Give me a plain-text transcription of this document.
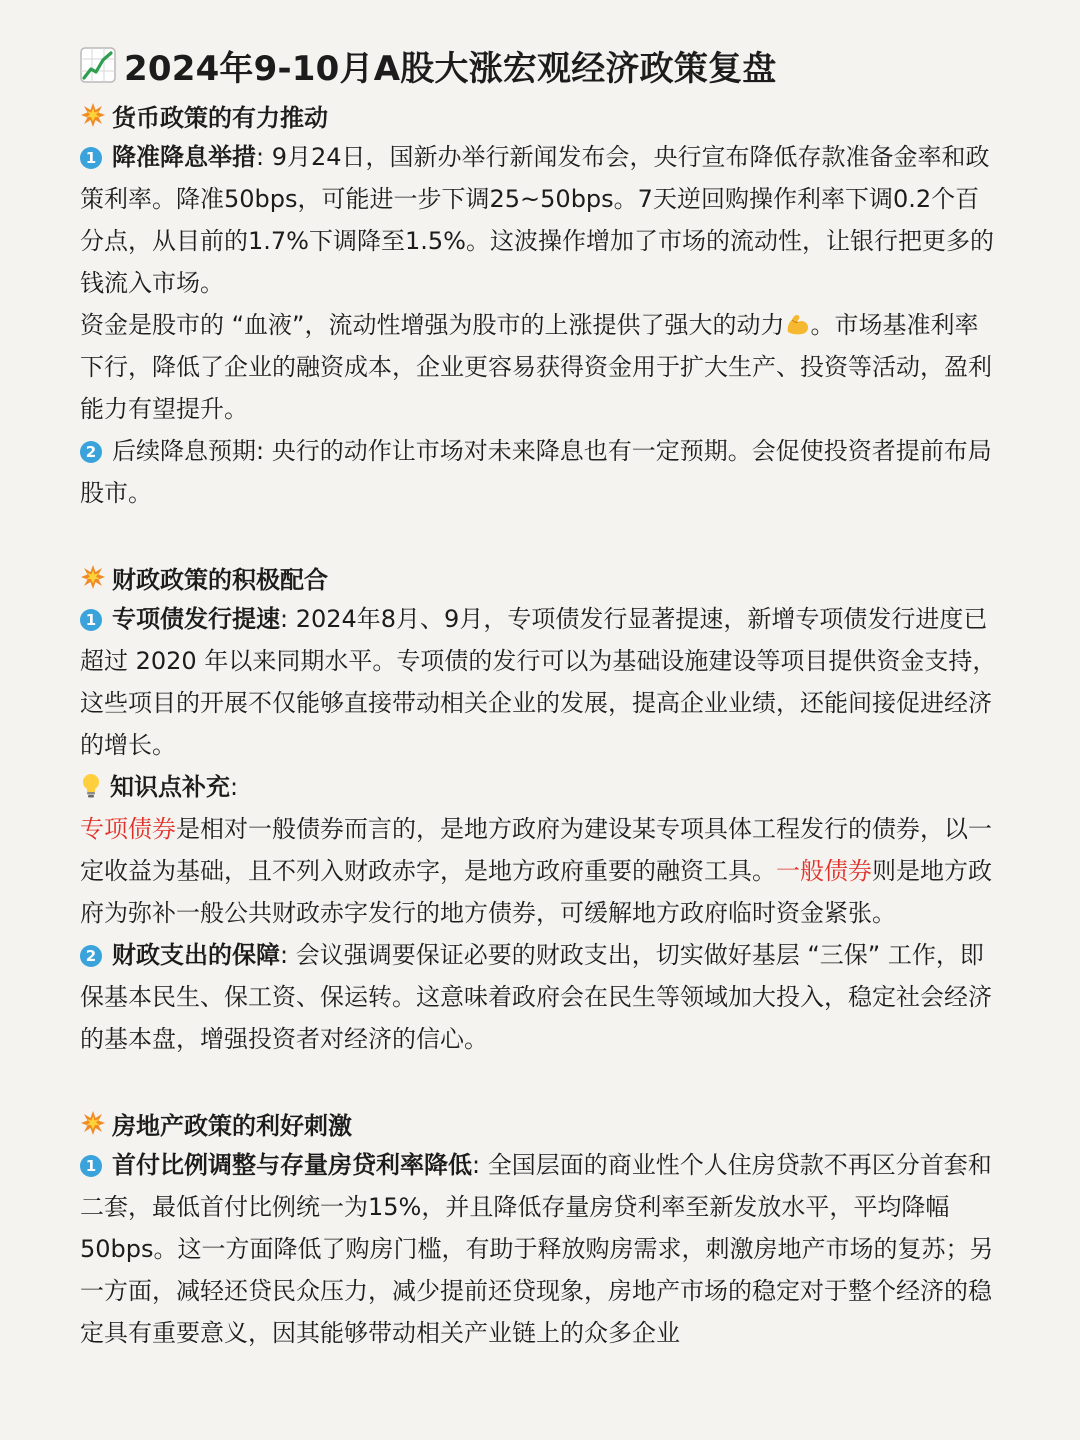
2024年9-10月A股大涨宏观经济政策复盘
货币政策的有力推动

1 降准降息举措: 9月24日，国新办举行新闻发布会，央行宣布降低存款准备金率和政策利率。降准50bps，可能进一步下调25~50bps。7天逆回购操作利率下调0.2个百分点，从目前的1.7%下调降至1.5%。这波操作增加了市场的流动性，让银行把更多的钱流入市场。

资金是股市的 “血液”，流动性增强为股市的上涨提供了强大的动力 。市场基准利率下行，降低了企业的融资成本，企业更容易获得资金用于扩大生产、投资等活动，盈利能力有望提升。

2 后续降息预期: 央行的动作让市场对未来降息也有一定预期。会促使投资者提前布局股市。

财政政策的积极配合

1 专项债发行提速: 2024年8月、9月，专项债发行显著提速，新增专项债发行进度已超过 2020 年以来同期水平。专项债的发行可以为基础设施建设等项目提供资金支持，这些项目的开展不仅能够直接带动相关企业的发展，提高企业业绩，还能间接促进经济的增长。

知识点补充:

专项债券是相对一般债券而言的，是地方政府为建设某专项具体工程发行的债券，以一定收益为基础，且不列入财政赤字，是地方政府重要的融资工具。一般债券则是地方政府为弥补一般公共财政赤字发行的地方债券，可缓解地方政府临时资金紧张。

2 财政支出的保障: 会议强调要保证必要的财政支出，切实做好基层 “三保” 工作，即保基本民生、保工资、保运转。这意味着政府会在民生等领域加大投入，稳定社会经济的基本盘，增强投资者对经济的信心。

房地产政策的利好刺激

1 首付比例调整与存量房贷利率降低: 全国层面的商业性个人住房贷款不再区分首套和二套，最低首付比例统一为15%，并且降低存量房贷利率至新发放水平，平均降幅50bps。这一方面降低了购房门槛，有助于释放购房需求，刺激房地产市场的复苏；另一方面，减轻还贷民众压力，减少提前还贷现象，房地产市场的稳定对于整个经济的稳定具有重要意义，因其能够带动相关产业链上的众多企业
